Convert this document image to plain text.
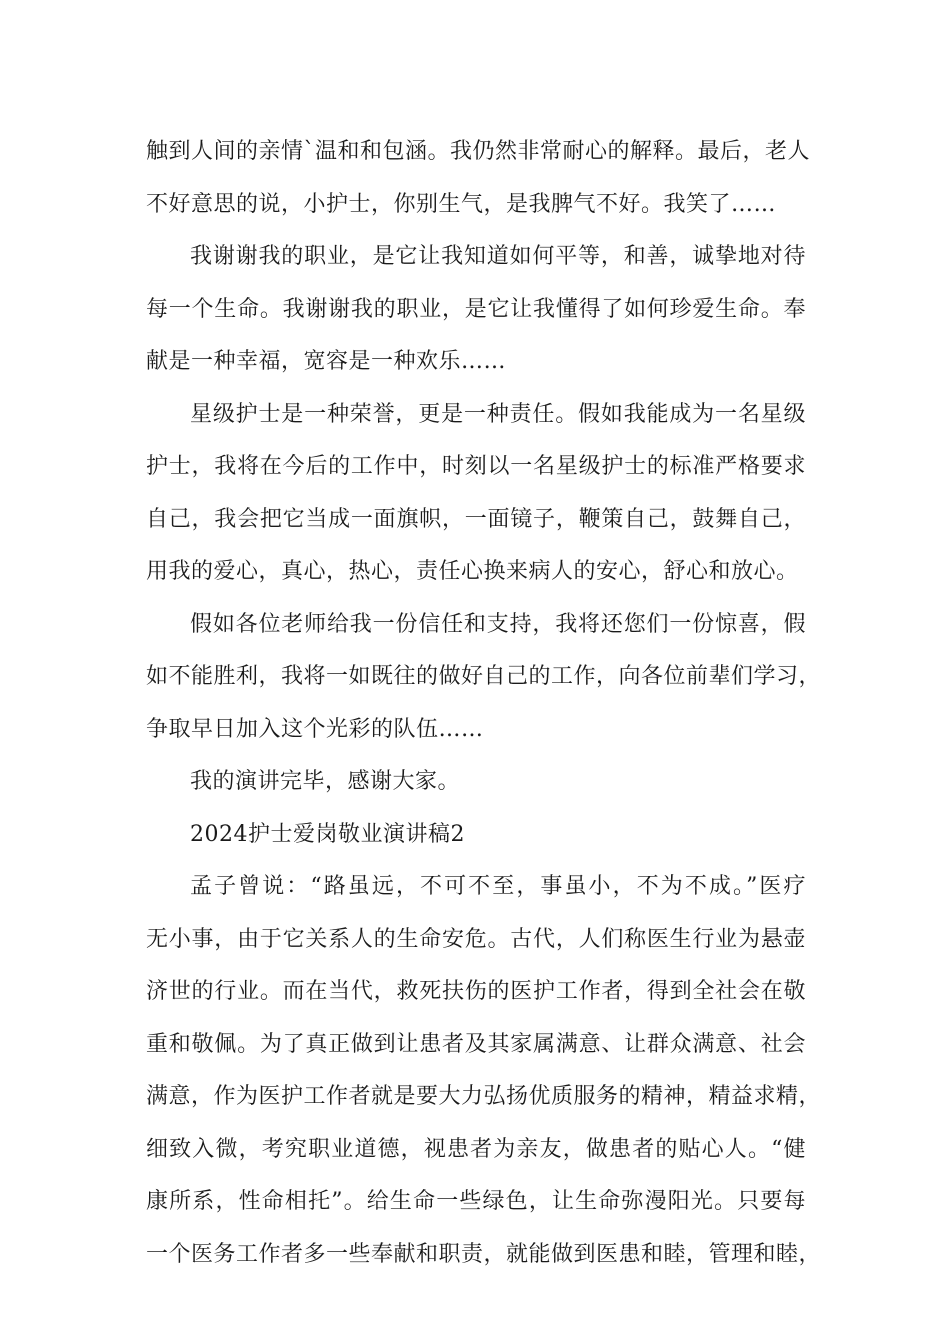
触到人间的亲情`温和和包涵。我仍然非常耐心的解释。最后，老人
不好意思的说，小护士，你别生气，是我脾气不好。我笑了……
我谢谢我的职业，是它让我知道如何平等，和善，诚挚地对待
每一个生命。我谢谢我的职业，是它让我懂得了如何珍爱生命。奉
献是一种幸福，宽容是一种欢乐……
星级护士是一种荣誉，更是一种责任。假如我能成为一名星级
护士，我将在今后的工作中，时刻以一名星级护士的标准严格要求
自己，我会把它当成一面旗帜，一面镜子，鞭策自己，鼓舞自己，
用我的爱心，真心，热心，责任心换来病人的安心，舒心和放心。
假如各位老师给我一份信任和支持，我将还您们一份惊喜，假
如不能胜利，我将一如既往的做好自己的工作，向各位前辈们学习，
争取早日加入这个光彩的队伍……
我的演讲完毕，感谢大家。
2024护士爱岗敬业演讲稿2
孟子曾说：“路虽远，不可不至，事虽小，不为不成。”医疗
无小事，由于它关系人的生命安危。古代，人们称医生行业为悬壶
济世的行业。而在当代，救死扶伤的医护工作者，得到全社会在敬
重和敬佩。为了真正做到让患者及其家属满意、让群众满意、社会
满意，作为医护工作者就是要大力弘扬优质服务的精神，精益求精，
细致入微，考究职业道德，视患者为亲友，做患者的贴心人。“健
康所系，性命相托”。给生命一些绿色，让生命弥漫阳光。只要每
一个医务工作者多一些奉献和职责，就能做到医患和睦，管理和睦，
